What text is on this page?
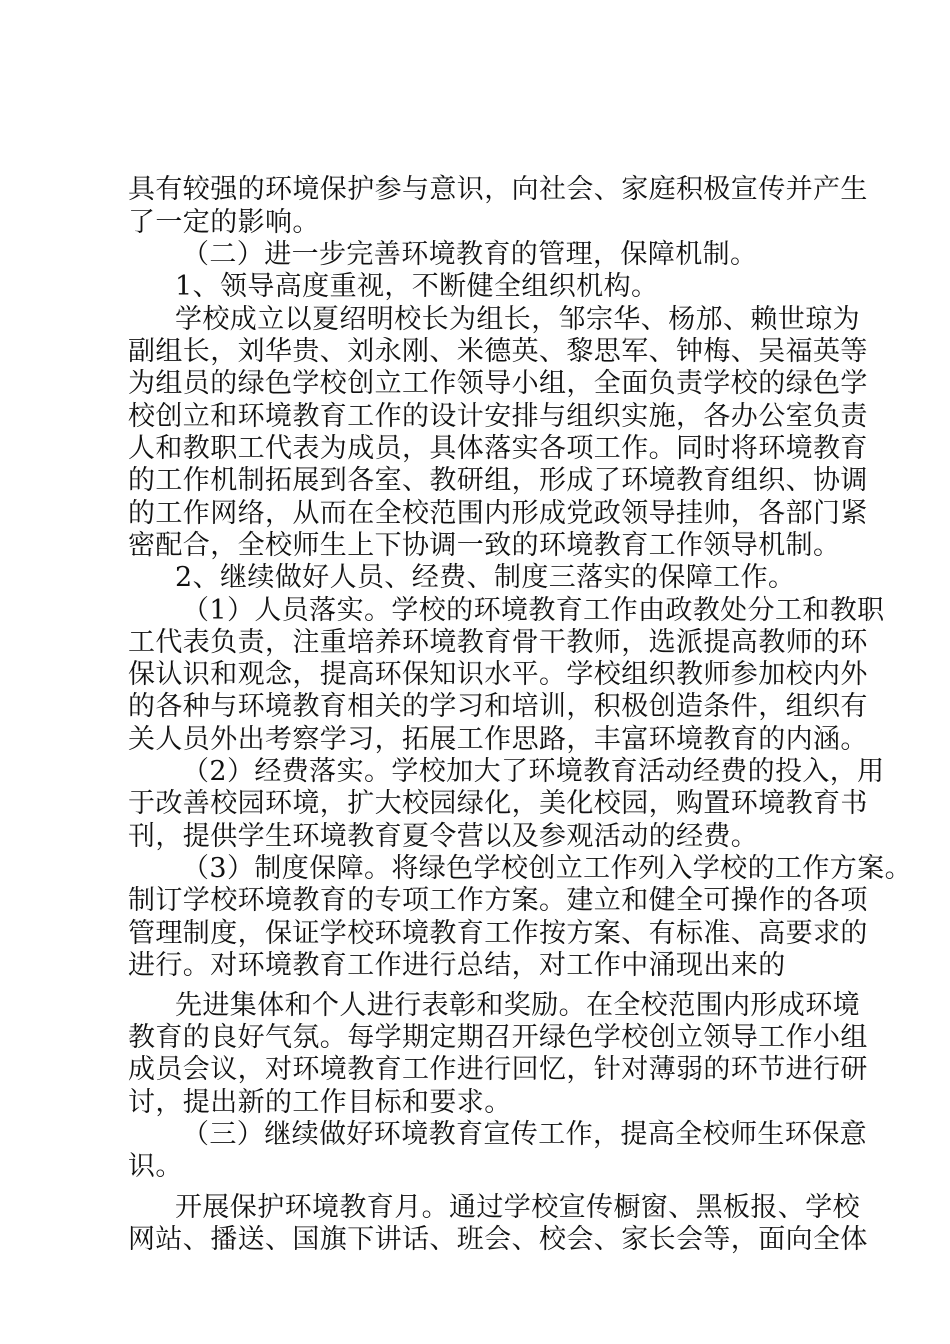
具有较强的环境保护参与意识，向社会、家庭积极宣传并产生
了一定的影响。
（二）进一步完善环境教育的管理，保障机制。
1、领导高度重视，不断健全组织机构。
学校成立以夏绍明校长为组长，邹宗华、杨邡、赖世琼为
副组长，刘华贵、刘永刚、米德英、黎思军、钟梅、吴福英等
为组员的绿色学校创立工作领导小组，全面负责学校的绿色学
校创立和环境教育工作的设计安排与组织实施，各办公室负责
人和教职工代表为成员，具体落实各项工作。同时将环境教育
的工作机制拓展到各室、教研组，形成了环境教育组织、协调
的工作网络，从而在全校范围内形成党政领导挂帅，各部门紧
密配合，全校师生上下协调一致的环境教育工作领导机制。
2、继续做好人员、经费、制度三落实的保障工作。
（1）人员落实。学校的环境教育工作由政教处分工和教职
工代表负责，注重培养环境教育骨干教师，选派提高教师的环
保认识和观念，提高环保知识水平。学校组织教师参加校内外
的各种与环境教育相关的学习和培训，积极创造条件，组织有
关人员外出考察学习，拓展工作思路，丰富环境教育的内涵。
（2）经费落实。学校加大了环境教育活动经费的投入，用
于改善校园环境，扩大校园绿化，美化校园，购置环境教育书
刊，提供学生环境教育夏令营以及参观活动的经费。
（3）制度保障。将绿色学校创立工作列入学校的工作方案。
制订学校环境教育的专项工作方案。建立和健全可操作的各项
管理制度，保证学校环境教育工作按方案、有标准、高要求的
进行。对环境教育工作进行总结，对工作中涌现出来的
先进集体和个人进行表彰和奖励。在全校范围内形成环境
教育的良好气氛。每学期定期召开绿色学校创立领导工作小组
成员会议，对环境教育工作进行回忆，针对薄弱的环节进行研
讨，提出新的工作目标和要求。
（三）继续做好环境教育宣传工作，提高全校师生环保意
识。
开展保护环境教育月。通过学校宣传橱窗、黑板报、学校
网站、播送、国旗下讲话、班会、校会、家长会等，面向全体
